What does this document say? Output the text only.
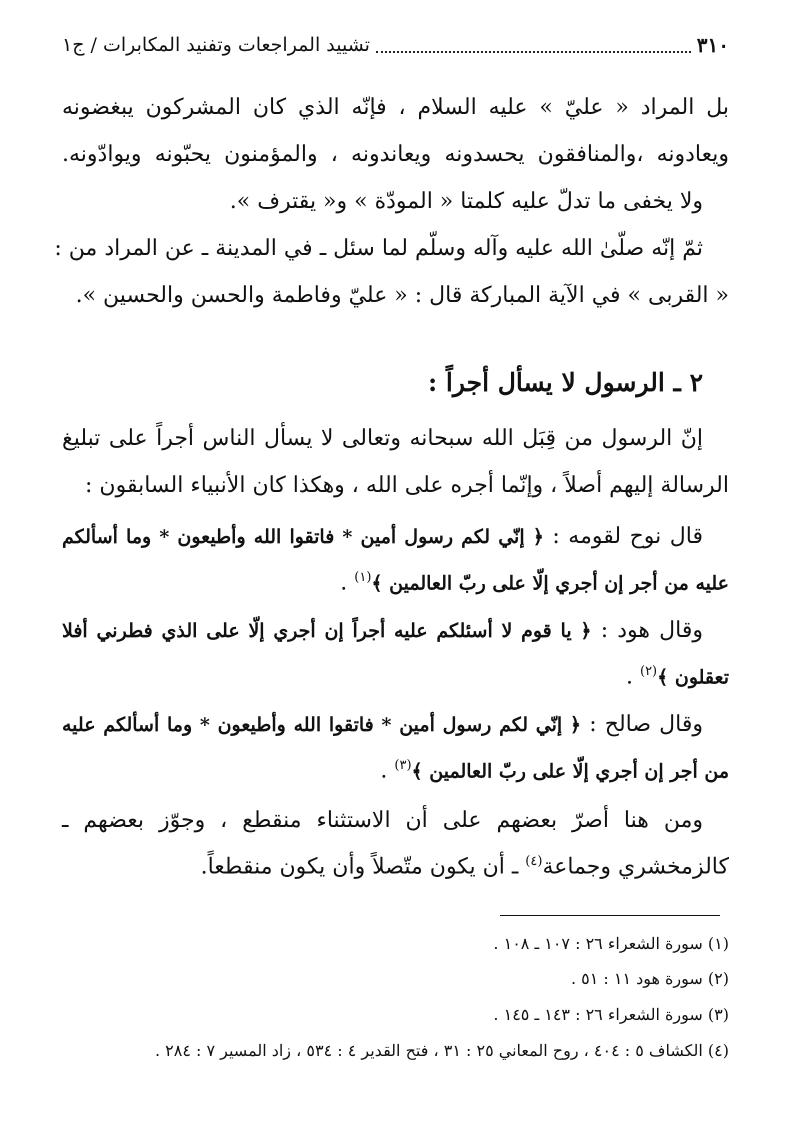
٣١٠
تشييد المراجعات وتفنيد المكابرات / ج١
بل المراد « عليّ » عليه السلام ، فإنّه الذي كان المشركون يبغضونه
ويعادونه ،والمنافقون يحسدونه ويعاندونه ، والمؤمنون يحبّونه ويوادّونه.
ولا يخفى ما تدلّ عليه كلمتا « المودّة » و« يقترف ».
ثمّ إنّه صلّىٰ الله عليه وآله وسلّم لما سئل ـ في المدينة ـ عن المراد من :
« القربى » في الآية المباركة قال : « عليّ وفاطمة والحسن والحسين ».
٢ ـ الرسول لا يسأل أجراً :
إنّ الرسول من قِبَل الله سبحانه وتعالى لا يسأل الناس أجراً على تبليغ
الرسالة إليهم أصلاً ، وإنّما أجره على الله ، وهكذا كان الأنبياء السابقون :
قال نوح لقومه : ﴿ إنّي لكم رسول أمين * فاتقوا الله وأطيعون * وما أسألكم
عليه من أجر إن أجري إلّا على ربّ العالمين ﴾$^{(١)}$ .
وقال هود : ﴿ يا قوم لا أسئلكم عليه أجراً إن أجري إلّا على الذي فطرني أفلا
تعقلون ﴾$^{(٢)}$ .
وقال صالح : ﴿ إنّي لكم رسول أمين * فاتقوا الله وأطيعون * وما أسألكم عليه
من أجر إن أجري إلّا على ربّ العالمين ﴾$^{(٣)}$ .
ومن هنا أصرّ بعضهم على أن الاستثناء منقطع ، وجوّز بعضهم ـ
كالزمخشري وجماعة$^{(٤)}$ ـ أن يكون متّصلاً وأن يكون منقطعاً.
(١) سورة الشعراء ٢٦ : ١٠٧ ـ ١٠٨ .
(٢) سورة هود ١١ : ٥١ .
(٣) سورة الشعراء ٢٦ : ١٤٣ ـ ١٤٥ .
(٤) الكشاف ٥ : ٤٠٤ ، روح المعاني ٢٥ : ٣١ ، فتح القدير ٤ : ٥٣٤ ، زاد المسير ٧ : ٢٨٤ .
